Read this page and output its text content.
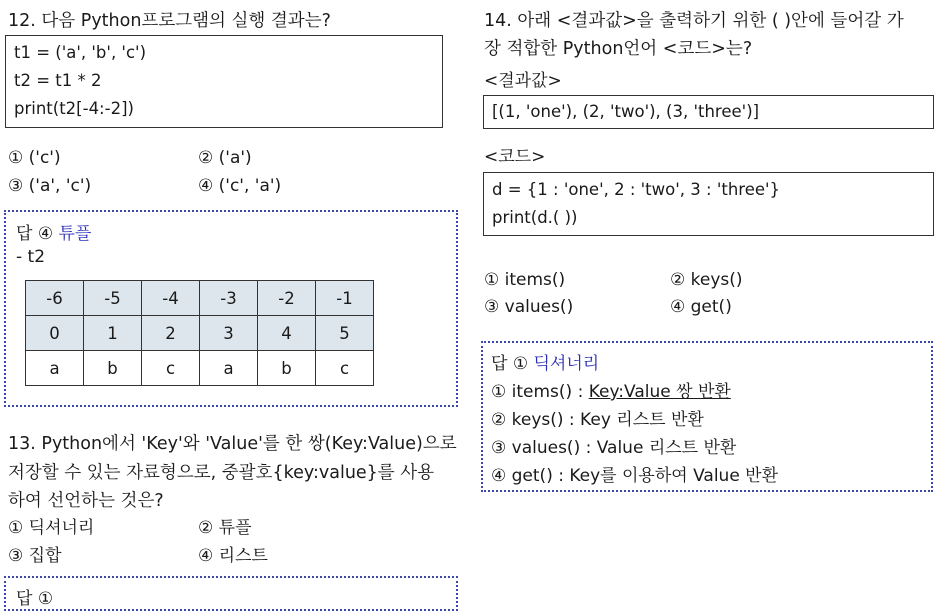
12. 다음 Python프로그램의 실행 결과는?
t1 = ('a', 'b', 'c')
t2 = t1 * 2
print(t2[-4:-2])
① ('c')	② ('a')
③ ('a', 'c')	④ ('c', 'a')
답 ④ 튜플
- t2
-6	-5	-4	-3	-2	-1
0	1	2	3	4	5
a	b	c	a	b	c
13. Python에서 'Key'와 'Value'를 한 쌍(Key:Value)으로
저장할 수 있는 자료형으로, 중괄호{key:value}를 사용
하여 선언하는 것은?
① 딕셔너리	② 튜플
③ 집합	④ 리스트
답 ①
14. 아래 <결과값>을 출력하기 위한 ( )안에 들어갈 가
장 적합한 Python언어 <코드>는?
<결과값>
[(1, 'one'), (2, 'two'), (3, 'three')]
<코드>
d = {1 : 'one', 2 : 'two', 3 : 'three'}
print(d.( ))
① items()	② keys()
③ values()	④ get()
답 ① 딕셔너리
① items() : Key:Value 쌍 반환
② keys() : Key 리스트 반환
③ values() : Value 리스트 반환
④ get() : Key를 이용하여 Value 반환
